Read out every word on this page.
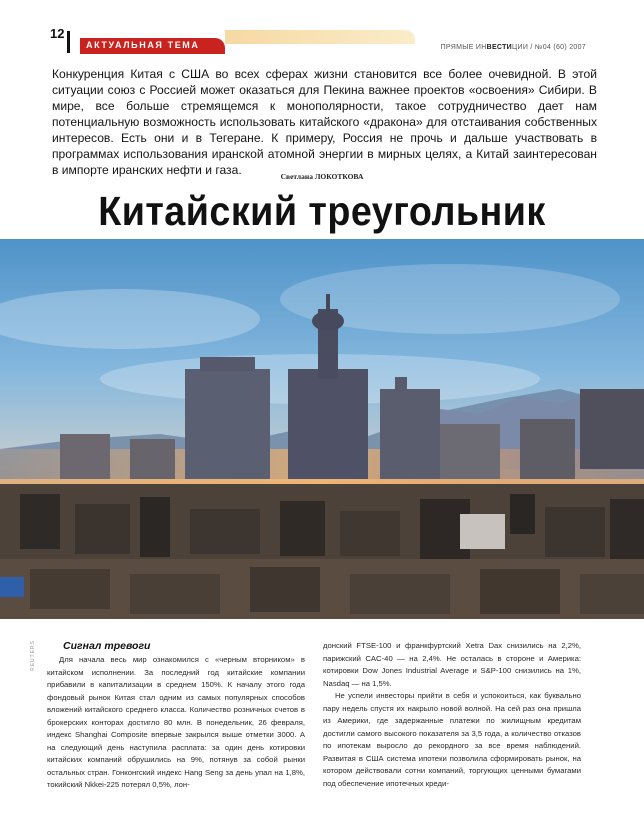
12
АКТУАЛЬНАЯ ТЕМА	ПРЯМЫЕ ИНВЕСТИЦИИ / №04 (60) 2007
Конкуренция Китая с США во всех сферах жизни становится все более очевидной. В этой ситуации союз с Россией может оказаться для Пекина важнее проектов «освоения» Сибири. В мире, все больше стремящемся к монополярности, такое сотрудничество дает нам потенциальную возможность использовать китайского «дракона» для отстаивания собственных интересов. Есть они и в Тегеране. К примеру, Россия не прочь и дальше участвовать в программах использования иранской атомной энергии в мирных целях, а Китай заинтересован в импорте иранских нефти и газа.	Светлана ЛОКОТКОВА
Китайский треугольник
REUTERS	Сигнал тревоги

Для начала весь мир ознакомился с «черным вторником» в китайском исполнении. За последний год китайские компании прибавили в капитализации в среднем 150%. К началу этого года фондовый рынок Китая стал одним из самых популярных способов вложений китайского среднего класса. Количество розничных счетов в брокерских конторах достигло 80 млн. В понедельник, 26 февраля, индекс Shanghai Composite впервые закрылся выше отметки 3000. А на следующий день наступила расплата: за один день котировки китайских компаний обрушились на 9%, потянув за собой рынки остальных стран. Гонконгский индекс Hang Seng за день упал на 1,8%, токийский Nkkei-225 потерял 0,5%, лон-

донский FTSE-100 и франкфуртский Xetra Dax снизились на 2,2%, парижский CAC-40 — на 2,4%. Не осталась в стороне и Америка: котировки Dow Jones Industrial Average и S&P-100 снизились на 1%, Nasdaq — на 1,5%.

Не успели инвесторы прийти в себя и успокоиться, как буквально пару недель спустя их накрыло новой волной. На сей раз она пришла из Америки, где задержанные платежи по жилищным кредитам достигли самого высокого показателя за 3,5 года, а количество отказов по ипотекам выросло до рекордного за все время наблюдений. Развитая в США система ипотеки позволила сформировать рынок, на котором действовали сотни компаний, торгующих ценными бумагами под обеспечение ипотечных креди-
